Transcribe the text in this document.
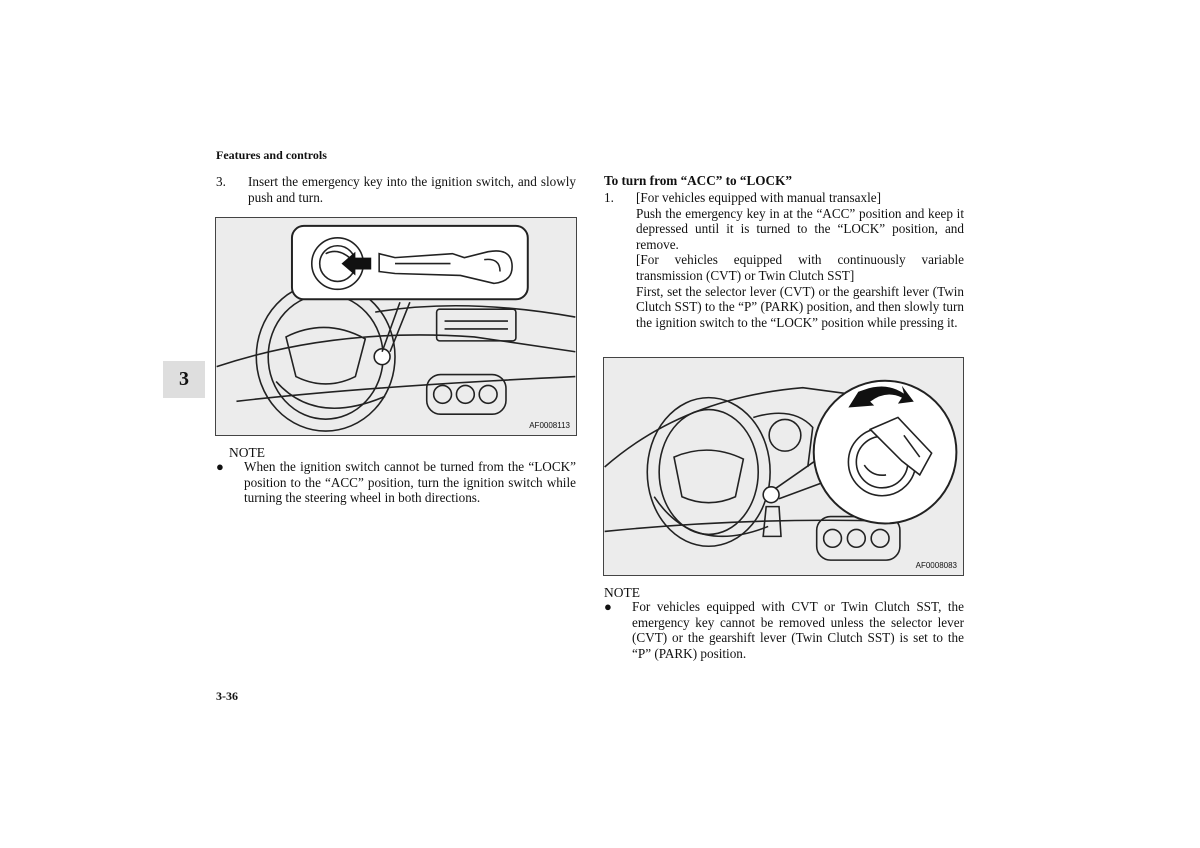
Features and controls
3
3.	Insert the emergency key into the ignition switch, and slowly push and turn.
AF0008113
NOTE
●	When the ignition switch cannot be turned from the “LOCK” position to the “ACC” position, turn the ignition switch while turning the steering wheel in both directions.
To turn from “ACC” to “LOCK”
1.	[For vehicles equipped with manual transaxle]
Push the emergency key in at the “ACC” position and keep it depressed until it is turned to the “LOCK” position, and remove.
[For vehicles equipped with continuously variable transmission (CVT) or Twin Clutch SST]
First, set the selector lever (CVT) or the gearshift lever (Twin Clutch SST) to the “P” (PARK) position, and then slowly turn the ignition switch to the “LOCK” position while pressing it.
AF0008083
NOTE
●	For vehicles equipped with CVT or Twin Clutch SST, the emergency key cannot be removed unless the selector lever (CVT) or the gearshift lever (Twin Clutch SST) is set to the “P” (PARK) position.
3-36
